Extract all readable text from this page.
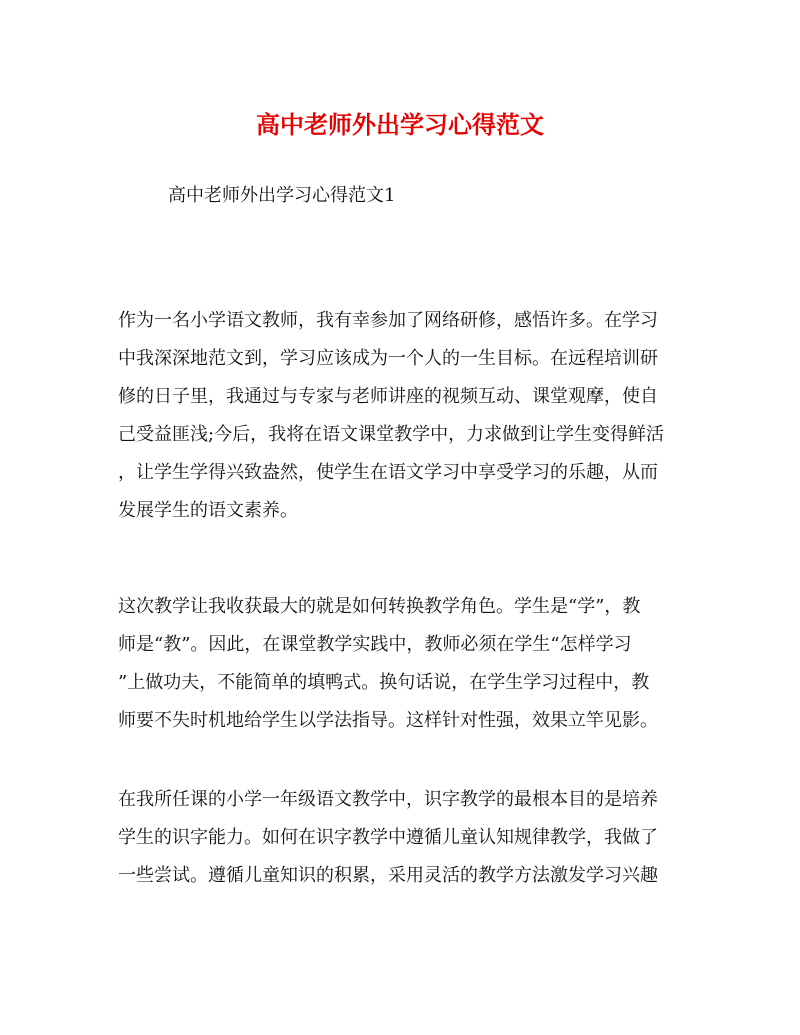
高中老师外出学习心得范文
高中老师外出学习心得范文1
作为一名小学语文教师，我有幸参加了网络研修，感悟许多。在学习
中我深深地范文到，学习应该成为一个人的一生目标。在远程培训研
修的日子里，我通过与专家与老师讲座的视频互动、课堂观摩，使自
己受益匪浅;今后，我将在语文课堂教学中，力求做到让学生变得鲜活
，让学生学得兴致盎然，使学生在语文学习中享受学习的乐趣，从而
发展学生的语文素养。
这次教学让我收获最大的就是如何转换教学角色。学生是“学”，教
师是“教”。因此，在课堂教学实践中，教师必须在学生“怎样学习
”上做功夫，不能简单的填鸭式。换句话说，在学生学习过程中，教
师要不失时机地给学生以学法指导。这样针对性强，效果立竿见影。
在我所任课的小学一年级语文教学中，识字教学的最根本目的是培养
学生的识字能力。如何在识字教学中遵循儿童认知规律教学，我做了
一些尝试。遵循儿童知识的积累，采用灵活的教学方法激发学习兴趣
